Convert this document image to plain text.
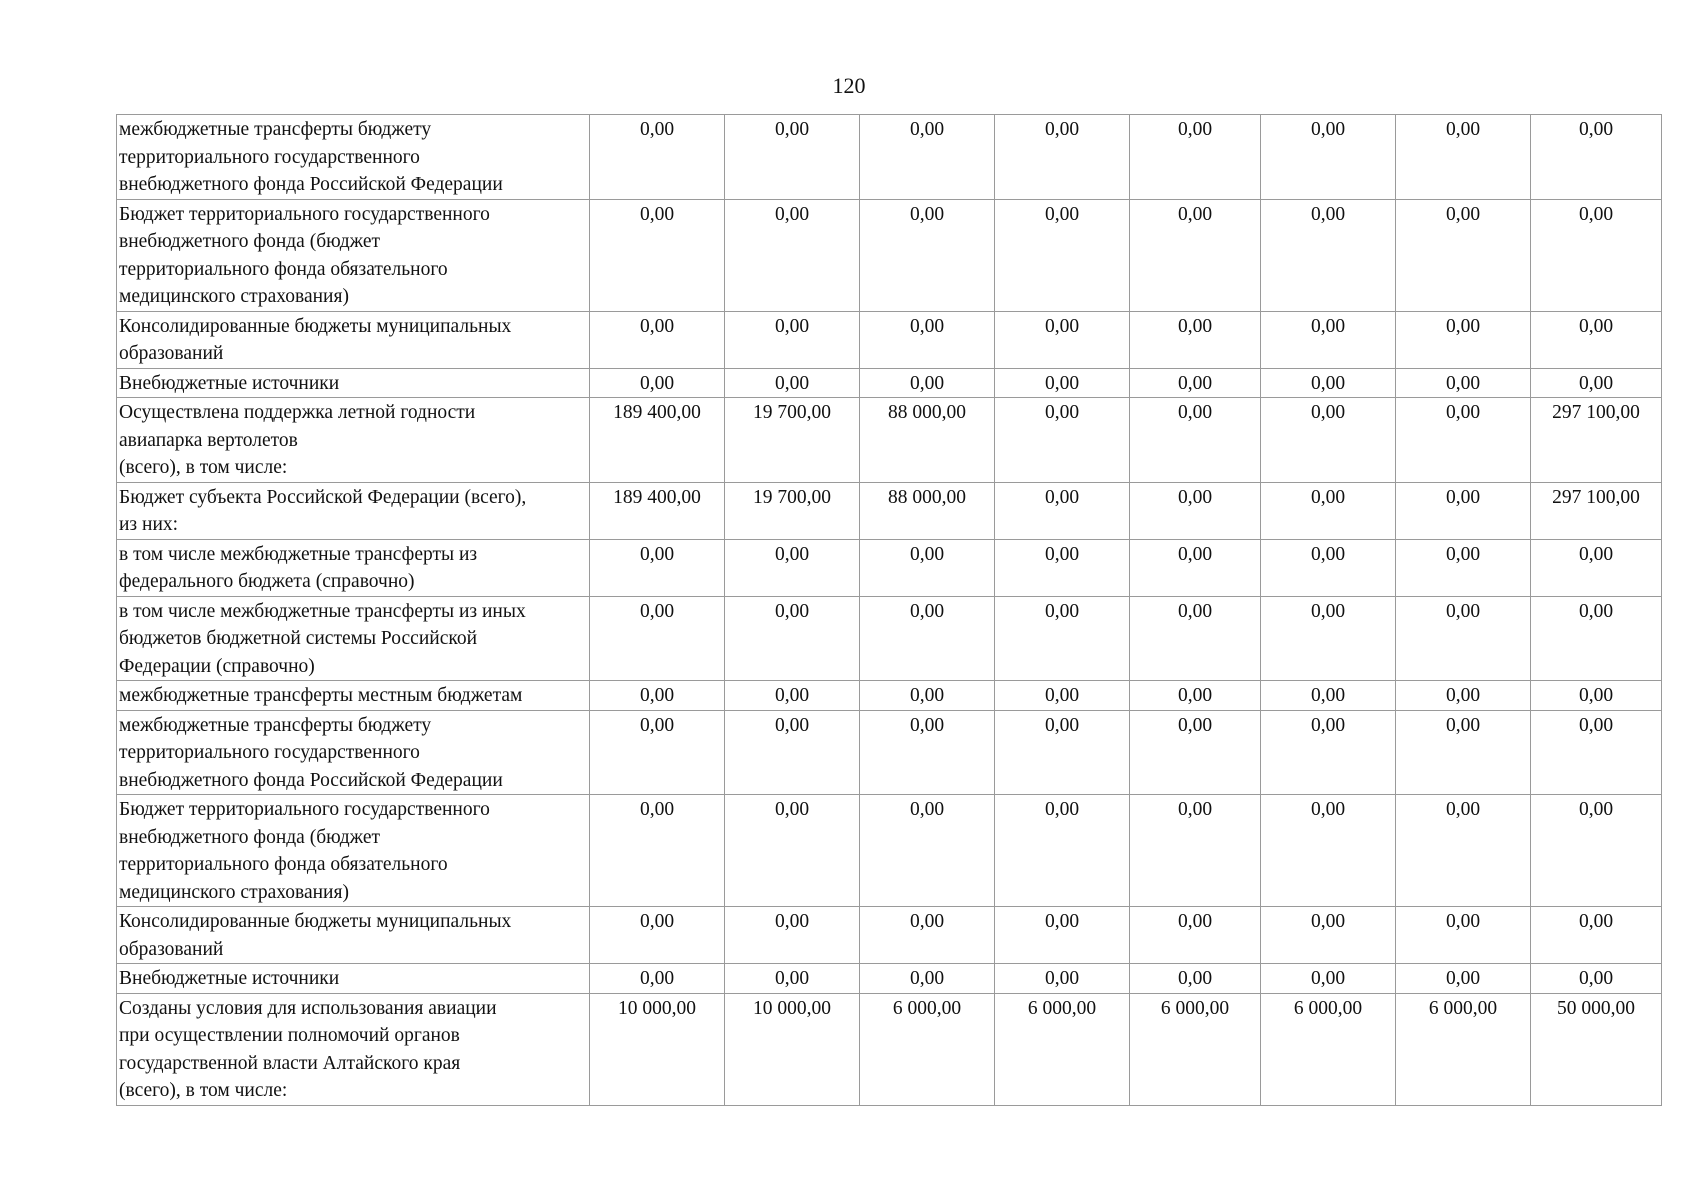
120
межбюджетные трансферты бюджету
территориального государственного
внебюджетного фонда Российской Федерации	0,00	0,00	0,00	0,00	0,00	0,00	0,00	0,00
Бюджет территориального государственного
внебюджетного фонда (бюджет
территориального фонда обязательного
медицинского страхования)	0,00	0,00	0,00	0,00	0,00	0,00	0,00	0,00
Консолидированные бюджеты муниципальных
образований	0,00	0,00	0,00	0,00	0,00	0,00	0,00	0,00
Внебюджетные источники	0,00	0,00	0,00	0,00	0,00	0,00	0,00	0,00
Осуществлена поддержка летной годности
авиапарка вертолетов
(всего), в том числе:	189 400,00	19 700,00	88 000,00	0,00	0,00	0,00	0,00	297 100,00
Бюджет субъекта Российской Федерации (всего),
из них:	189 400,00	19 700,00	88 000,00	0,00	0,00	0,00	0,00	297 100,00
в том числе межбюджетные трансферты из
федерального бюджета (справочно)	0,00	0,00	0,00	0,00	0,00	0,00	0,00	0,00
в том числе межбюджетные трансферты из иных
бюджетов бюджетной системы Российской
Федерации (справочно)	0,00	0,00	0,00	0,00	0,00	0,00	0,00	0,00
межбюджетные трансферты местным бюджетам	0,00	0,00	0,00	0,00	0,00	0,00	0,00	0,00
межбюджетные трансферты бюджету
территориального государственного
внебюджетного фонда Российской Федерации	0,00	0,00	0,00	0,00	0,00	0,00	0,00	0,00
Бюджет территориального государственного
внебюджетного фонда (бюджет
территориального фонда обязательного
медицинского страхования)	0,00	0,00	0,00	0,00	0,00	0,00	0,00	0,00
Консолидированные бюджеты муниципальных
образований	0,00	0,00	0,00	0,00	0,00	0,00	0,00	0,00
Внебюджетные источники	0,00	0,00	0,00	0,00	0,00	0,00	0,00	0,00
Созданы условия для использования авиации
при осуществлении полномочий органов
государственной власти Алтайского края
(всего), в том числе:	10 000,00	10 000,00	6 000,00	6 000,00	6 000,00	6 000,00	6 000,00	50 000,00
